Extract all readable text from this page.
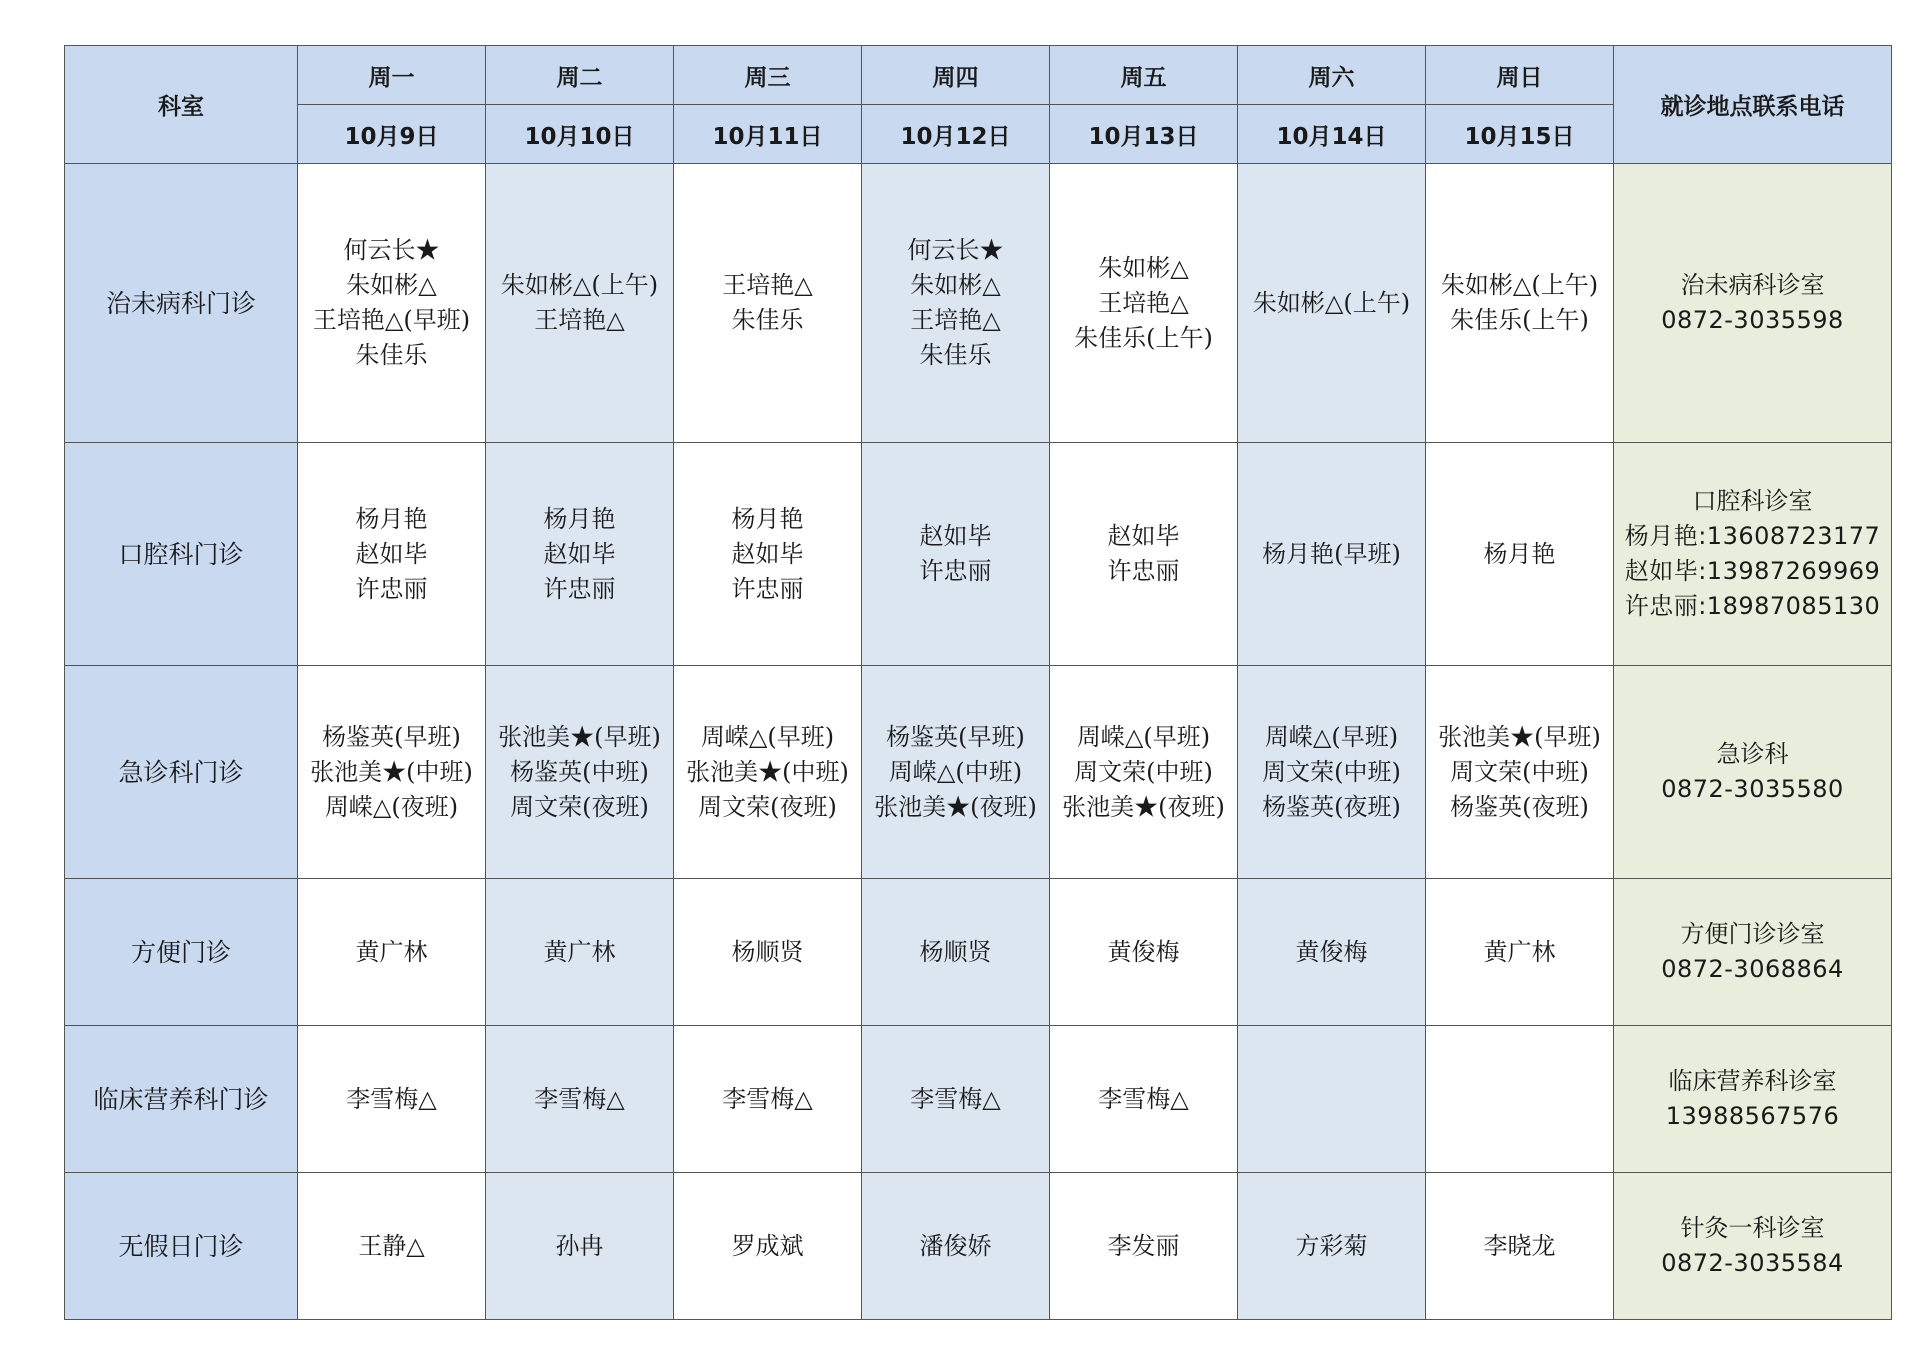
科室	周一	周二	周三	周四	周五	周六	周日	就诊地点联系电话
	10月9日	10月10日	10月11日	10月12日	10月13日	10月14日	10月15日	
治未病科门诊	何云长★
朱如彬△
王培艳△(早班)
朱佳乐	朱如彬△(上午)
王培艳△	王培艳△
朱佳乐	何云长★
朱如彬△
王培艳△
朱佳乐	朱如彬△
王培艳△
朱佳乐(上午)	朱如彬△(上午)	朱如彬△(上午)
朱佳乐(上午)	治未病科诊室
0872-3035598

口腔科门诊	杨月艳
赵如毕
许忠丽	杨月艳
赵如毕
许忠丽	杨月艳
赵如毕
许忠丽	赵如毕
许忠丽	赵如毕
许忠丽	杨月艳(早班)	杨月艳	口腔科诊室
杨月艳:13608723177
赵如毕:13987269969
许忠丽:18987085130

急诊科门诊	杨鉴英(早班)
张池美★(中班)
周嵘△(夜班)	张池美★(早班)
杨鉴英(中班)
周文荣(夜班)	周嵘△(早班)
张池美★(中班)
周文荣(夜班)	杨鉴英(早班)
周嵘△(中班)
张池美★(夜班)	周嵘△(早班)
周文荣(中班)
张池美★(夜班)	周嵘△(早班)
周文荣(中班)
杨鉴英(夜班)	张池美★(早班)
周文荣(中班)
杨鉴英(夜班)	急诊科
0872-3035580

方便门诊	黄广林	黄广林	杨顺贤	杨顺贤	黄俊梅	黄俊梅	黄广林	方便门诊诊室
0872-3068864

临床营养科门诊	李雪梅△	李雪梅△	李雪梅△	李雪梅△	李雪梅△			临床营养科诊室
13988567576

无假日门诊	王静△	孙冉	罗成斌	潘俊娇	李发丽	方彩菊	李晓龙	针灸一科诊室
0872-3035584
